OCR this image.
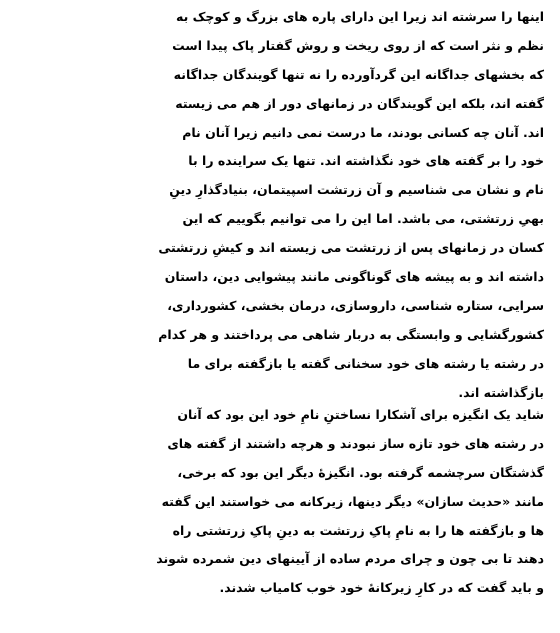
اینها را سرشته اند زیرا این دارای پاره های بزرگ و کوچک به
نظم و نثر است که از روی ریخت و روش گفتار پاک پیدا است
که بخشهای جداگانه این گردآورده را نه تنها گویندگان جداگانه
گفته اند، بلکه این گویندگان در زمانهای دور از هم می زیسته
اند. آنان چه کسانی بودند، ما درست نمی دانیم زیرا آنان نام
خود را بر گفته های خود نگذاشته اند. تنها یک سراینده را با
نام و نشان می شناسیم و آن زرتشت اسپیتمان، بنیادگذارِ دینِ
بهیِ زرتشتی، می باشد. اما این را می توانیم بگوییم که این
کسان در زمانهای پس از زرتشت می زیسته اند و کیشِ زرتشتی
داشته اند و به پیشه های گوناگونی مانند پیشوایی دین، داستان
سرایی، ستاره شناسی، داروسازی، درمان بخشی، کشورداری،
کشورگشایی و وابستگی به دربار شاهی می پرداختند و هر کدام
در رشته یا رشته های خود سخنانی گفته یا بازگفته برای ما
بازگذاشته اند.
شاید یک انگیزه برای آشکارا نساختنِ نامِ خود این بود که آنان
در رشته های خود تازه ساز نبودند و هرچه داشتند از گفته های
گذشتگان سرچشمه گرفته بود. انگیزهٔ دیگر این بود که برخی،
مانند «حدیث سازان» دیگر دینها، زیرکانه می خواستند این گفته
ها و بازگفته ها را به نامِ پاکِ زرتشت به دینِ پاکِ زرتشتی راه
دهند تا بی چون و چرای مردم ساده از آیینهای دین شمرده شوند
و باید گفت که در کارِ زیرکانهٔ خود خوب کامیاب شدند.
